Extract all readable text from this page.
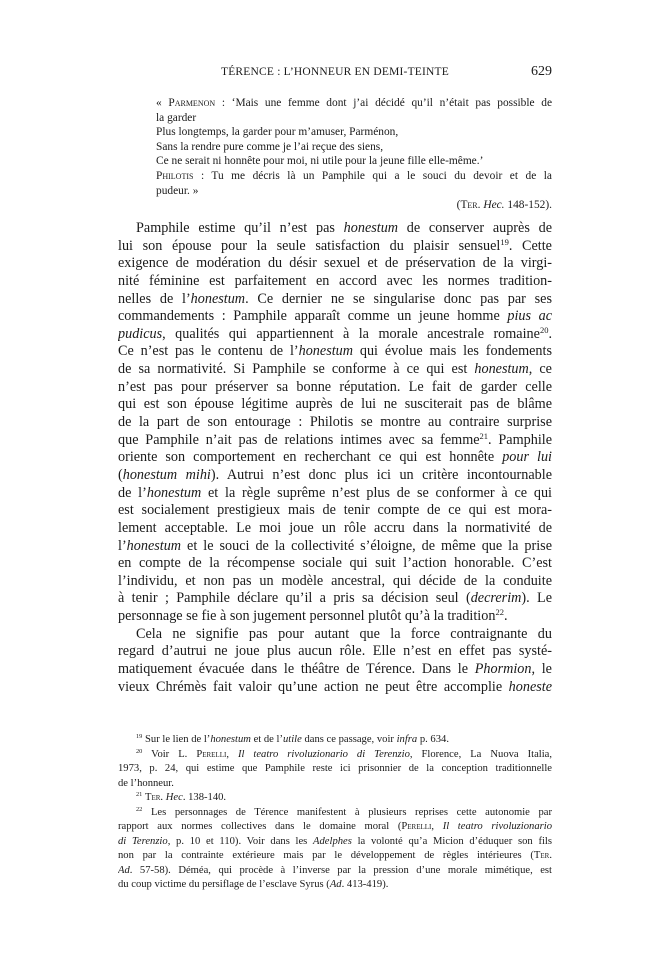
TÉRENCE : L’HONNEUR EN DEMI-TEINTE	629
« Parmenon : ‘Mais une femme dont j’ai décidé qu’il n’était pas possible de
la garder
Plus longtemps, la garder pour m’amuser, Parménon,
Sans la rendre pure comme je l’ai reçue des siens,
Ce ne serait ni honnête pour moi, ni utile pour la jeune fille elle-même.’
Philotis : Tu me décris là un Pamphile qui a le souci du devoir et de la
pudeur. »
(Ter. Hec. 148-152).
Pamphile estime qu’il n’est pas honestum de conserver auprès de
lui son épouse pour la seule satisfaction du plaisir sensuel$^{19}$. Cette
exigence de modération du désir sexuel et de préservation de la virgi-
nité féminine est parfaitement en accord avec les normes tradition-
nelles de l’honestum. Ce dernier ne se singularise donc pas par ses
commandements : Pamphile apparaît comme un jeune homme pius ac
pudicus, qualités qui appartiennent à la morale ancestrale romaine$^{20}$.
Ce n’est pas le contenu de l’honestum qui évolue mais les fondements
de sa normativité. Si Pamphile se conforme à ce qui est honestum, ce
n’est pas pour préserver sa bonne réputation. Le fait de garder celle
qui est son épouse légitime auprès de lui ne susciterait pas de blâme
de la part de son entourage : Philotis se montre au contraire surprise
que Pamphile n’ait pas de relations intimes avec sa femme$^{21}$. Pamphile
oriente son comportement en recherchant ce qui est honnête pour lui
(honestum mihi). Autrui n’est donc plus ici un critère incontournable
de l’honestum et la règle suprême n’est plus de se conformer à ce qui
est socialement prestigieux mais de tenir compte de ce qui est mora-
lement acceptable. Le moi joue un rôle accru dans la normativité de
l’honestum et le souci de la collectivité s’éloigne, de même que la prise
en compte de la récompense sociale qui suit l’action honorable. C’est
l’individu, et non pas un modèle ancestral, qui décide de la conduite
à tenir ; Pamphile déclare qu’il a pris sa décision seul (decrerim). Le
personnage se fie à son jugement personnel plutôt qu’à la tradition$^{22}$.
Cela ne signifie pas pour autant que la force contraignante du
regard d’autrui ne joue plus aucun rôle. Elle n’est en effet pas systé-
matiquement évacuée dans le théâtre de Térence. Dans le Phormion, le
vieux Chrémès fait valoir qu’une action ne peut être accomplie honeste
$^{19}$ Sur le lien de l’honestum et de l’utile dans ce passage, voir infra p. 634.
$^{20}$ Voir L. Perelli, Il teatro rivoluzionario di Terenzio, Florence, La Nuova Italia,
1973, p. 24, qui estime que Pamphile reste ici prisonnier de la conception traditionnelle
de l’honneur.
$^{21}$ Ter. Hec. 138-140.
$^{22}$ Les personnages de Térence manifestent à plusieurs reprises cette autonomie par
rapport aux normes collectives dans le domaine moral (Perelli, Il teatro rivoluzionario
di Terenzio, p. 10 et 110). Voir dans les Adelphes la volonté qu’a Micion d’éduquer son fils
non par la contrainte extérieure mais par le développement de règles intérieures (Ter.
Ad. 57-58). Déméa, qui procède à l’inverse par la pression d’une morale mimétique, est
du coup victime du persiflage de l’esclave Syrus (Ad. 413-419).
